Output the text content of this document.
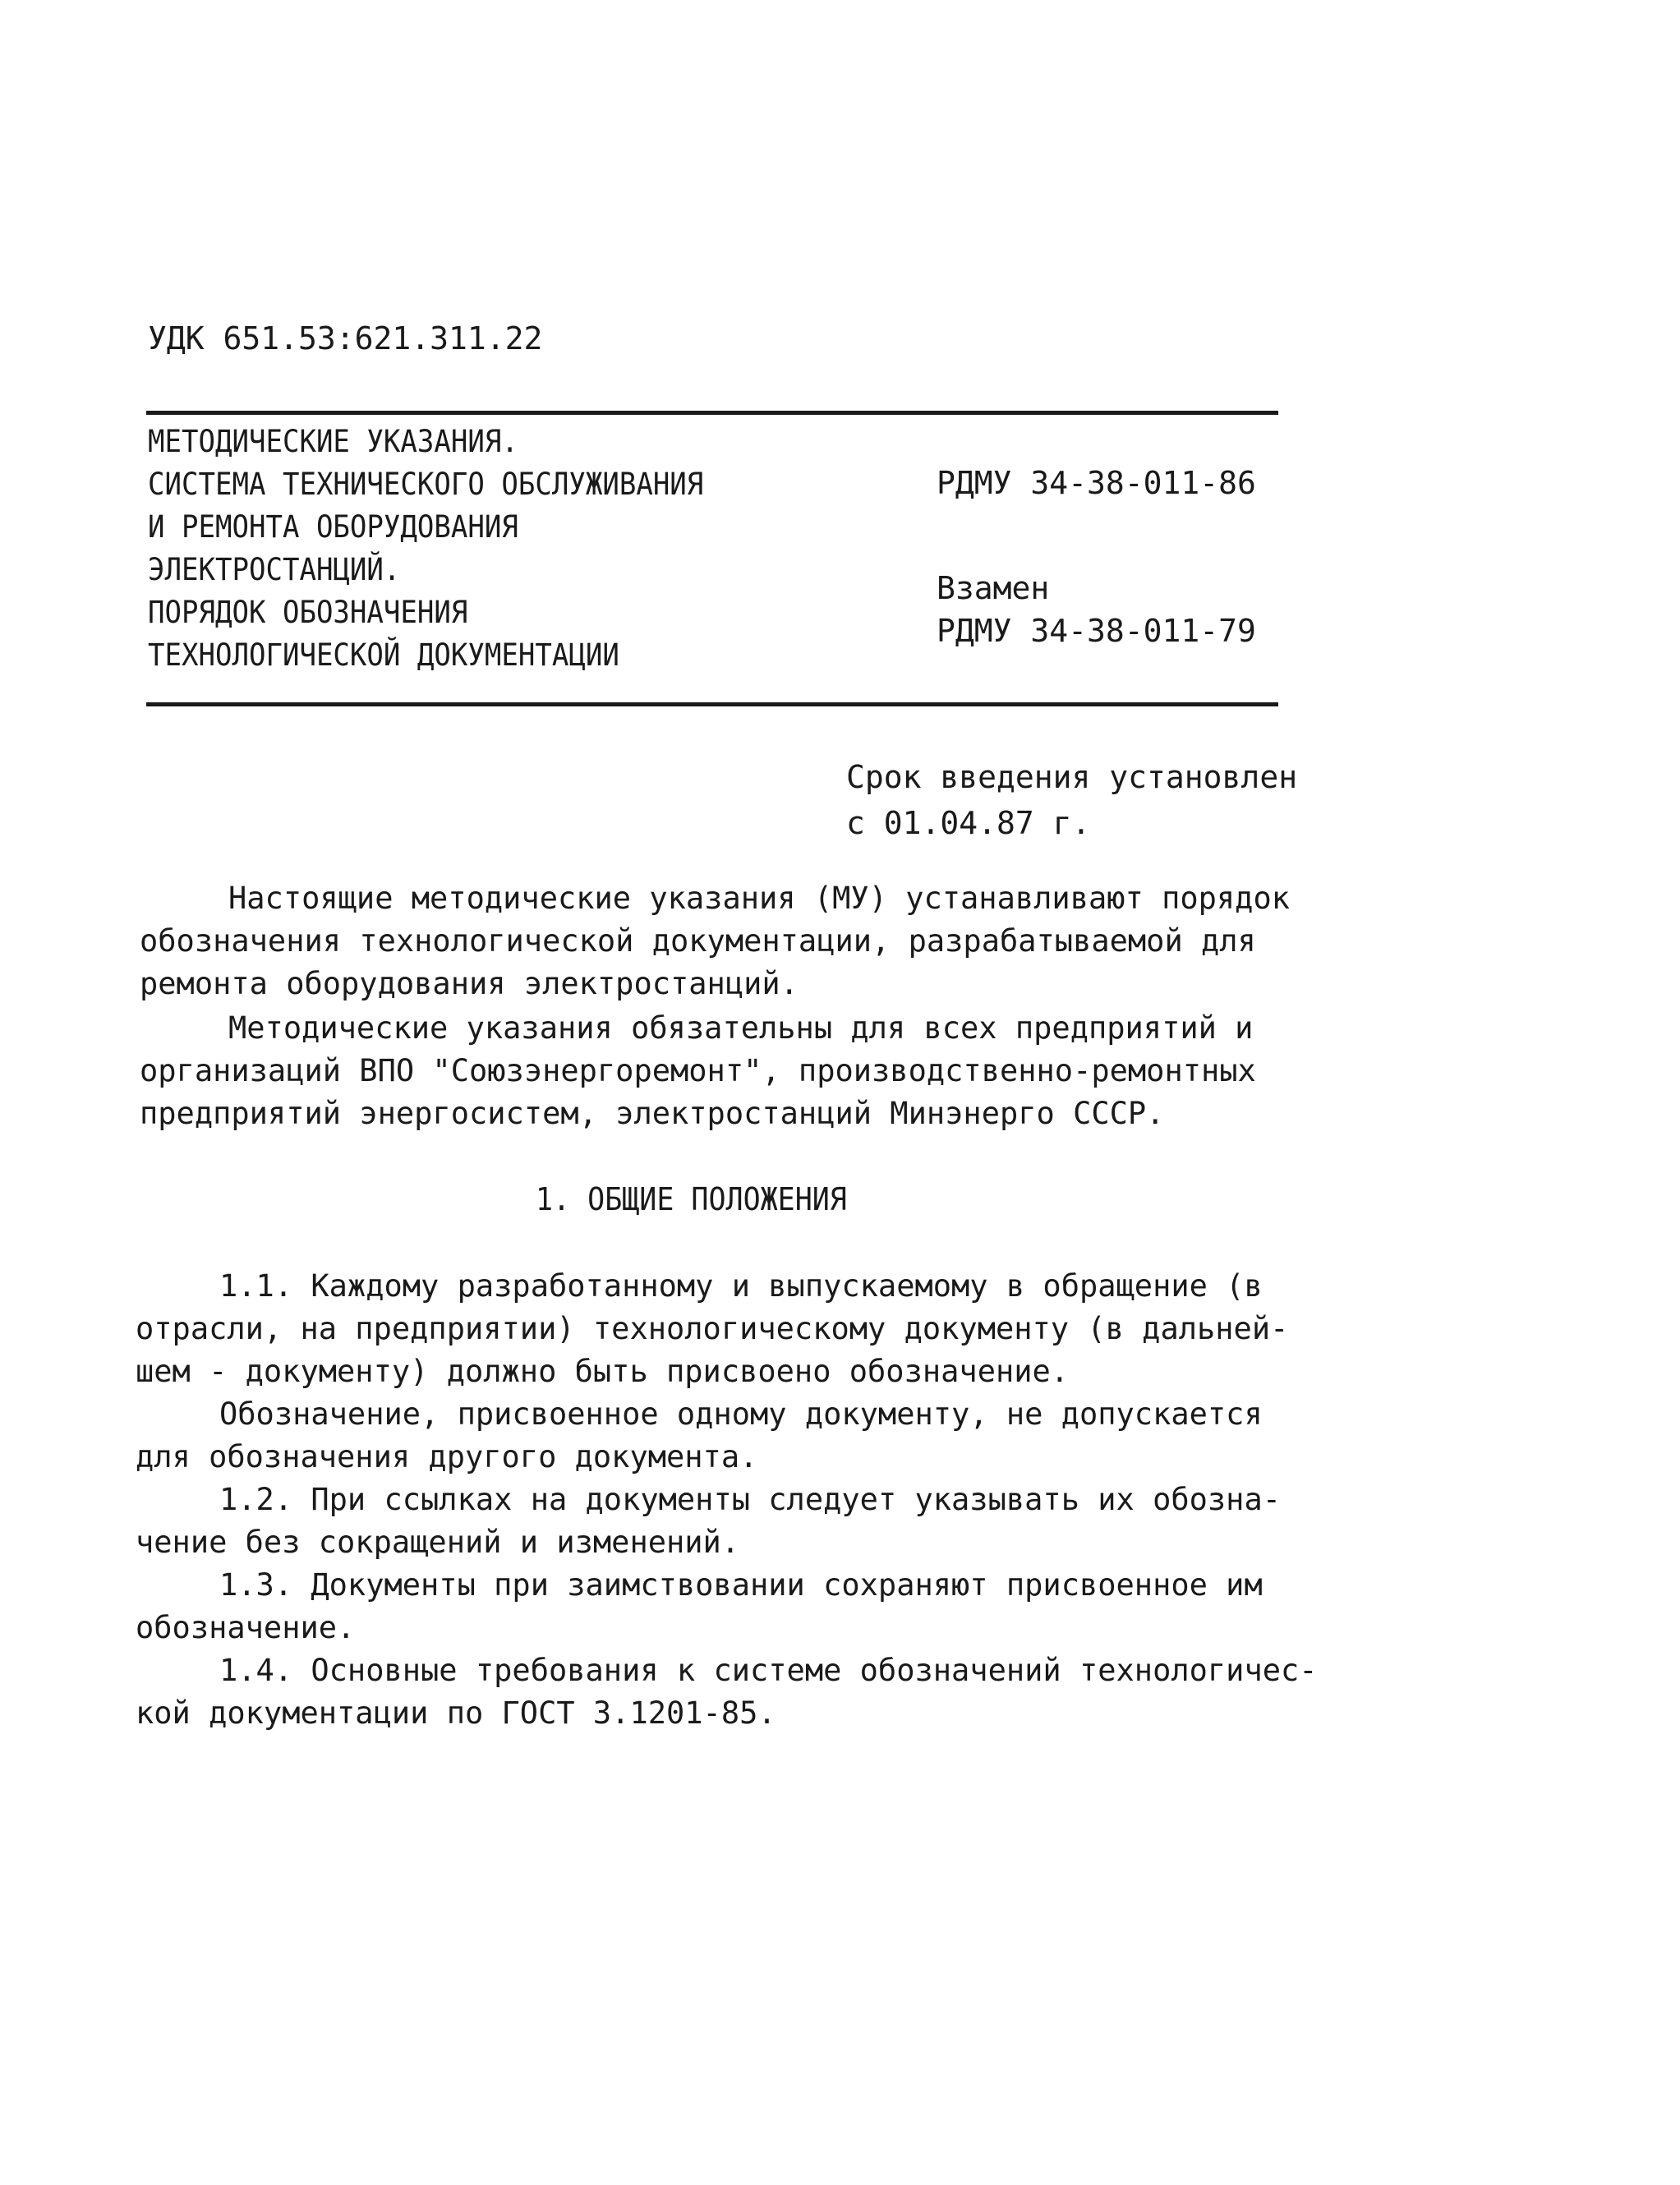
УДК 651.53:621.311.22
МЕТОДИЧЕСКИЕ УКАЗАНИЯ.
СИСТЕМА ТЕХНИЧЕСКОГО ОБСЛУЖИВАНИЯ
И РЕМОНТА ОБОРУДОВАНИЯ
ЭЛЕКТРОСТАНЦИЙ.
ПОРЯДОК ОБОЗНАЧЕНИЯ
ТЕХНОЛОГИЧЕСКОЙ ДОКУМЕНТАЦИИ
РДМУ 34-38-011-86
Взамен
РДМУ 34-38-011-79
Срок введения установлен
с 01.04.87 г.
Настоящие методические указания (МУ) устанавливают порядок
обозначения технологической документации, разрабатываемой для
ремонта оборудования электростанций.
Методические указания обязательны для всех предприятий и
организаций ВПО "Союзэнергоремонт", производственно-ремонтных
предприятий энергосистем, электростанций Минэнерго СССР.
1. ОБЩИЕ ПОЛОЖЕНИЯ
1.1. Каждому разработанному и выпускаемому в обращение (в
отрасли, на предприятии) технологическому документу (в дальней-
шем - документу) должно быть присвоено обозначение.
Обозначение, присвоенное одному документу, не допускается
для обозначения другого документа.
1.2. При ссылках на документы следует указывать их обозна-
чение без сокращений и изменений.
1.3. Документы при заимствовании сохраняют присвоенное им
обозначение.
1.4. Основные требования к системе обозначений технологичес-
кой документации по ГОСТ 3.1201-85.
